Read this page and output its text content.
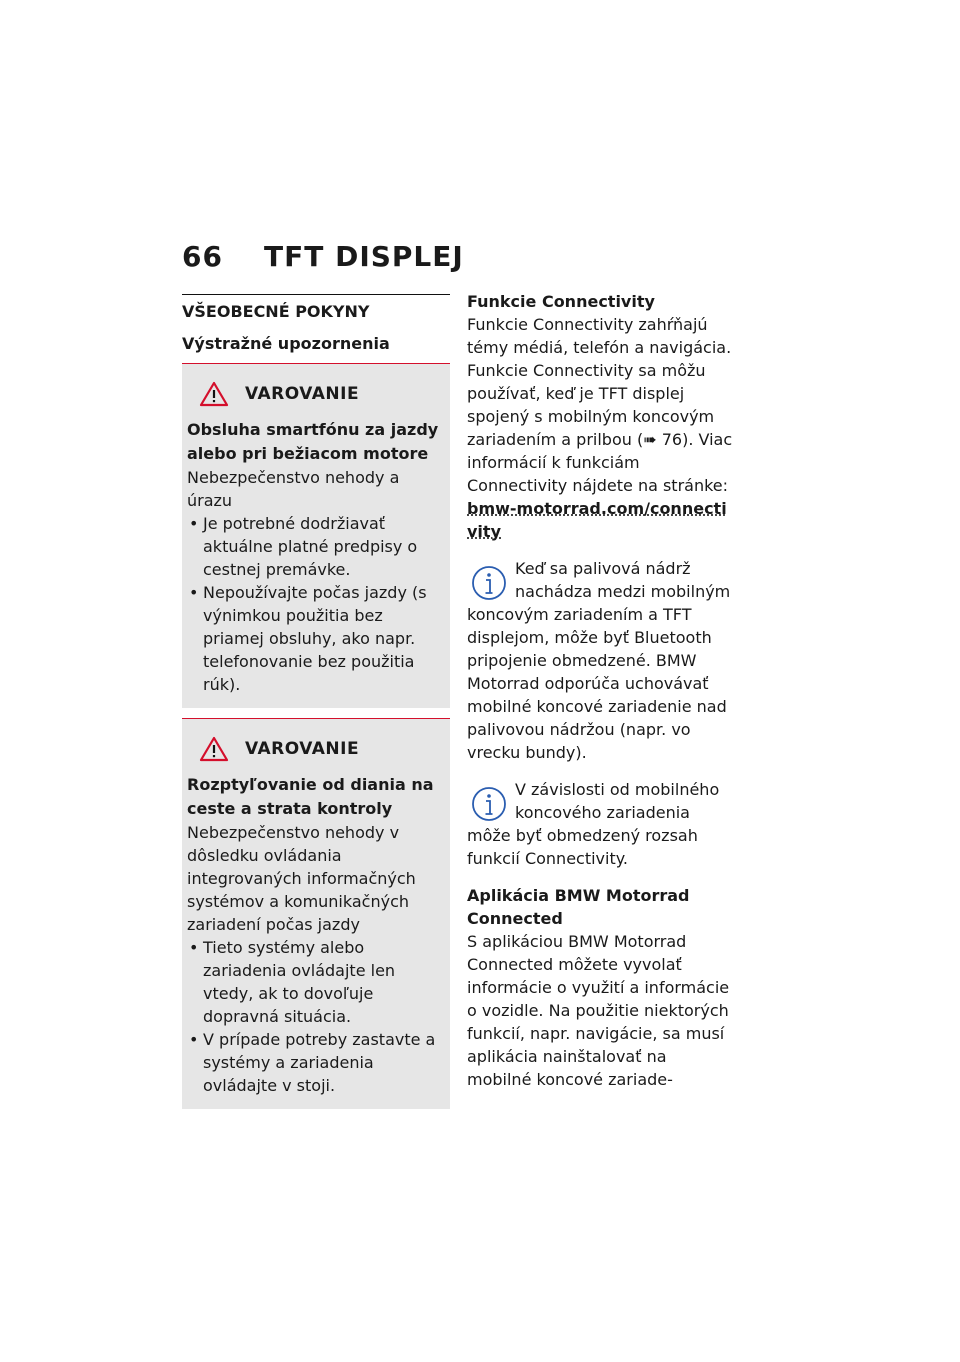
66 TFT DISPLEJ
VŠEOBECNÉ POKYNY
Výstražné upozornenia
VAROVANIE
Obsluha smartfónu za jazdy alebo pri bežiacom motore
Nebezpečenstvo nehody a úrazu
• Je potrebné dodržiavať aktuálne platné predpisy o cestnej premávke.
• Nepoužívajte počas jazdy (s výnimkou použitia bez priamej obsluhy, ako napr. telefonovanie bez použitia rúk).
VAROVANIE
Rozptyľovanie od diania na ceste a strata kontroly
Nebezpečenstvo nehody v dôsledku ovládania integrovaných informačných systémov a komunikačných zariadení počas jazdy
• Tieto systémy alebo zariadenia ovládajte len vtedy, ak to dovoľuje dopravná situácia.
• V prípade potreby zastavte a systémy a zariadenia ovládajte v stoji.
Funkcie Connectivity
Funkcie Connectivity zahŕňajú témy médiá, telefón a navigácia. Funkcie Connectivity sa môžu používať, keď je TFT displej spojený s mobilným koncovým zariadením a prilbou (➠ 76). Viac informácií k funkciám Connectivity nájdete na stránke:
bmw-motorrad.com/connectivity
Keď sa palivová nádrž nachádza medzi mobilným koncovým zariadením a TFT displejom, môže byť Bluetooth pripojenie obmedzené. BMW Motorrad odporúča uchovávať mobilné koncové zariadenie nad palivovou nádržou (napr. vo vrecku bundy).
V závislosti od mobilného koncového zariadenia môže byť obmedzený rozsah funkcií Connectivity.
Aplikácia BMW Motorrad Connected
S aplikáciou BMW Motorrad Connected môžete vyvolať informácie o využití a informácie o vozidle. Na použitie niektorých funkcií, napr. navigácie, sa musí aplikácia nainštalovať na mobilné koncové zariade-
